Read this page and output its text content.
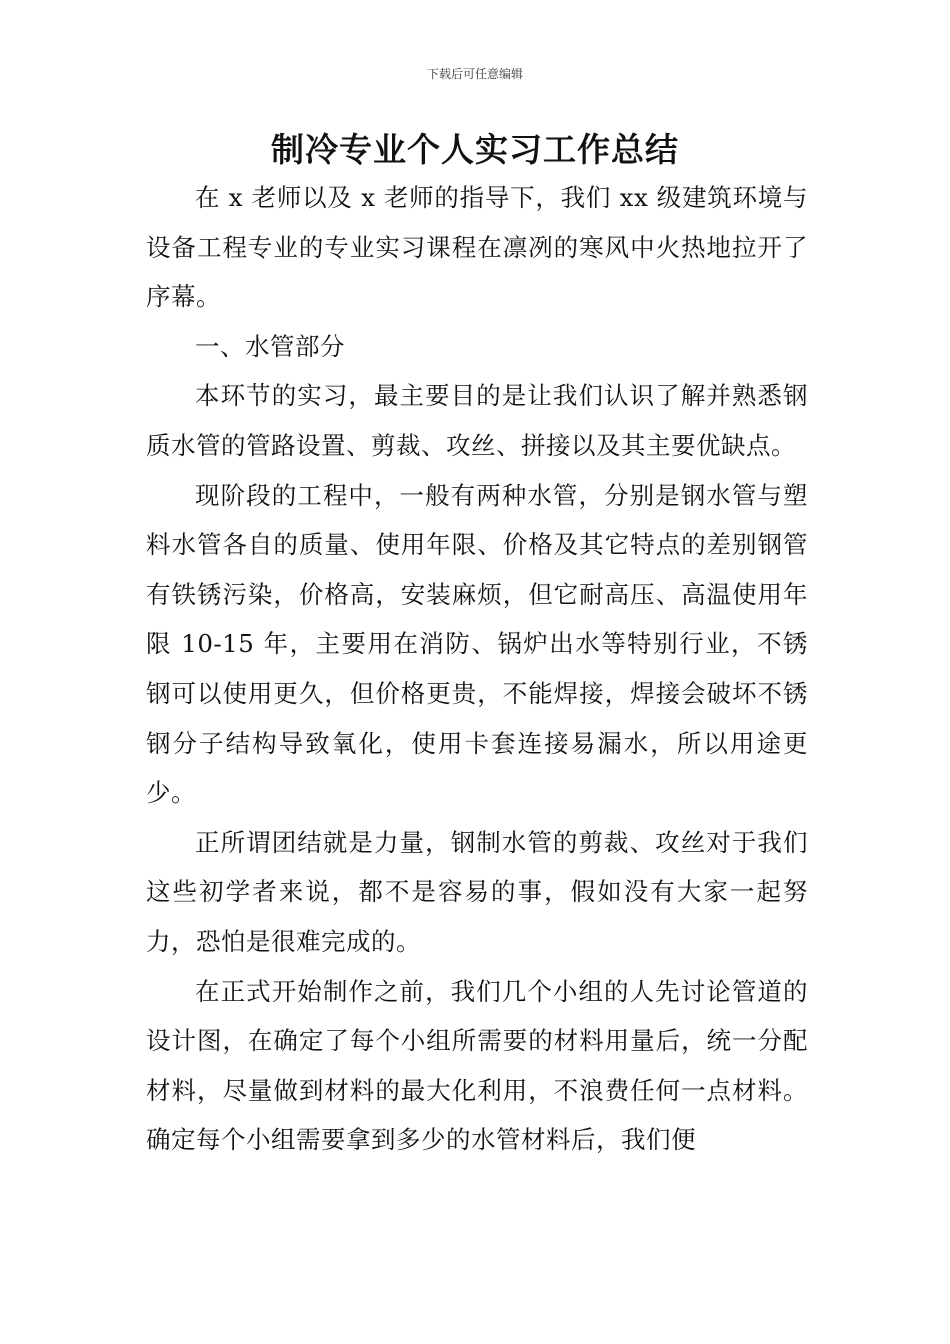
下载后可任意编辑
制冷专业个人实习工作总结

在 x 老师以及 x 老师的指导下，我们 xx 级建筑环境与设备工程专业的专业实习课程在凛冽的寒风中火热地拉开了序幕。

一、水管部分

本环节的实习，最主要目的是让我们认识了解并熟悉钢质水管的管路设置、剪裁、攻丝、拼接以及其主要优缺点。

现阶段的工程中，一般有两种水管，分别是钢水管与塑料水管各自的质量、使用年限、价格及其它特点的差别钢管有铁锈污染，价格高，安装麻烦，但它耐高压、高温使用年限 10-15 年，主要用在消防、锅炉出水等特别行业，不锈钢可以使用更久，但价格更贵，不能焊接，焊接会破坏不锈钢分子结构导致氧化，使用卡套连接易漏水，所以用途更少。

正所谓团结就是力量，钢制水管的剪裁、攻丝对于我们这些初学者来说，都不是容易的事，假如没有大家一起努力，恐怕是很难完成的。

在正式开始制作之前，我们几个小组的人先讨论管道的设计图，在确定了每个小组所需要的材料用量后，统一分配材料，尽量做到材料的最大化利用，不浪费任何一点材料。确定每个小组需要拿到多少的水管材料后，我们便
